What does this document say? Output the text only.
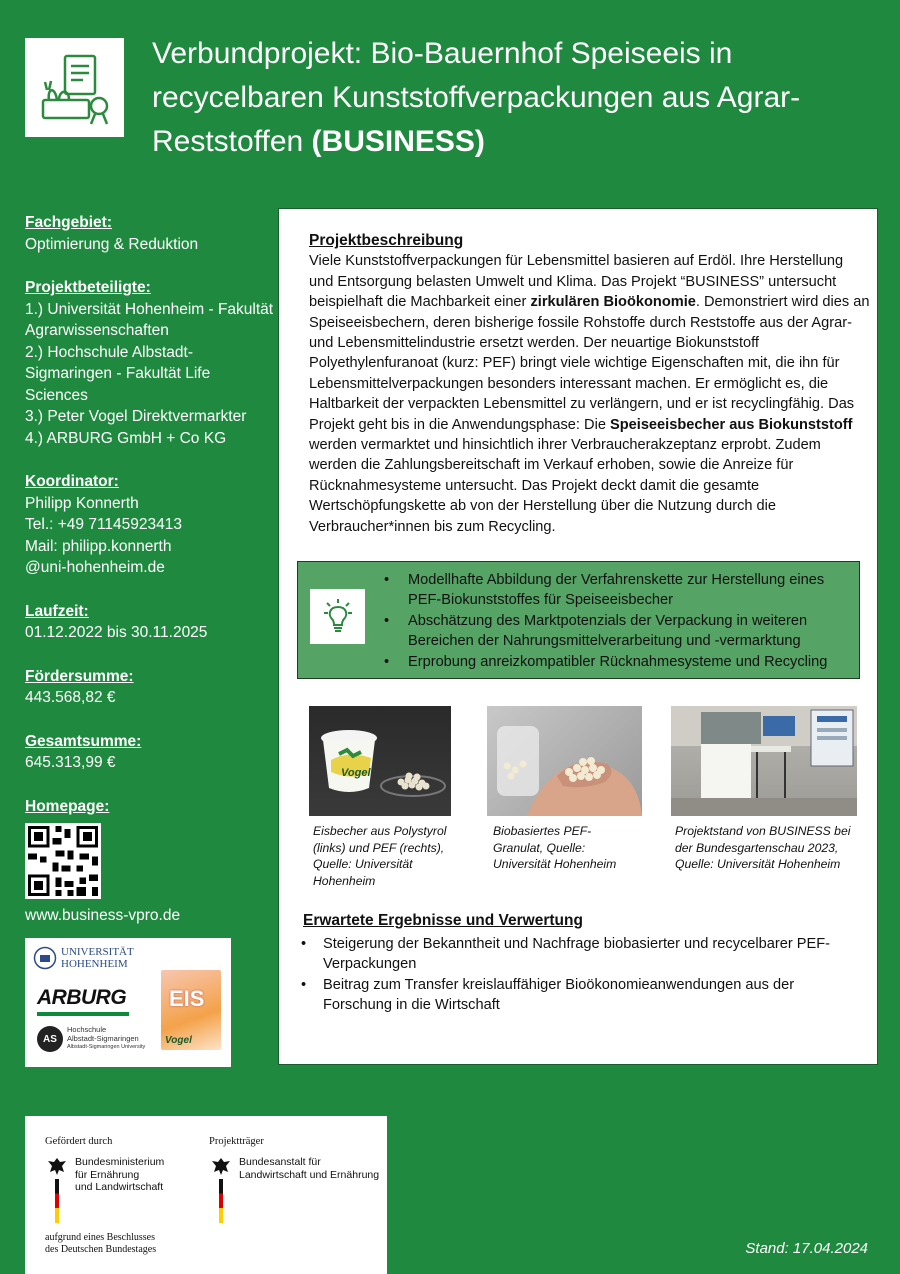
Verbundprojekt: Bio-Bauernhof Speiseeis in recycelbaren Kunststoffverpackungen aus Agrar-Reststoffen (BUSINESS)
Fachgebiet:
Optimierung & Reduktion
Projektbeteiligte:
1.) Universität Hohenheim - Fakultät Agrarwissenschaften
2.) Hochschule Albstadt-Sigmaringen - Fakultät Life Sciences
3.) Peter Vogel Direktvermarkter
4.) ARBURG GmbH + Co KG
Koordinator:
Philipp Konnerth
Tel.: +49 71145923413
Mail: philipp.konnerth
@uni-hohenheim.de
Laufzeit:
01.12.2022 bis 30.11.2025
Fördersumme:
443.568,82 €
Gesamtsumme:
645.313,99 €
Homepage:
www.business-vpro.de
UNIVERSITÄT HOHENHEIM
ARBURG
AS
Hochschule
Albstadt-Sigmaringen
Albstadt-Sigmaringen University
EIS
Vogel
Projektbeschreibung
Viele Kunststoffverpackungen für Lebensmittel basieren auf Erdöl. Ihre Herstellung und Entsorgung belasten Umwelt und Klima. Das Projekt “BUSINESS” untersucht beispielhaft die Machbarkeit einer zirkulären Bioökonomie. Demonstriert wird dies an Speiseeisbechern, deren bisherige fossile Rohstoffe durch Reststoffe aus der Agrar- und Lebensmittelindustrie ersetzt werden. Der neuartige Biokunststoff Polyethylenfuranoat (kurz: PEF) bringt viele wichtige Eigenschaften mit, die ihn für Lebensmittelverpackungen besonders interessant machen. Er ermöglicht es, die Haltbarkeit der verpackten Lebensmittel zu verlängern, und er ist recyclingfähig. Das Projekt geht bis in die Anwendungsphase: Die Speiseeisbecher aus Biokunststoff werden vermarktet und hinsichtlich ihrer Verbraucherakzeptanz erprobt. Zudem werden die Zahlungsbereitschaft im Verkauf erhoben, sowie die Anreize für Rücknahmesysteme untersucht. Das Projekt deckt damit die gesamte Wertschöpfungskette ab von der Herstellung über die Nutzung durch die Verbraucher*innen bis zum Recycling.
• Modellhafte Abbildung der Verfahrenskette zur Herstellung eines PEF-Biokunststoffes für Speiseeisbecher
• Abschätzung des Marktpotenzials der Verpackung in weiteren Bereichen der Nahrungsmittelverarbeitung und -vermarktung
• Erprobung anreizkompatibler Rücknahmesysteme und Recycling
Vogel
Eisbecher aus Polystyrol (links) und PEF (rechts), Quelle: Universität Hohenheim
Biobasiertes PEF-Granulat, Quelle: Universität Hohenheim
Projektstand von BUSINESS bei der Bundesgartenschau 2023, Quelle: Universität Hohenheim
Erwartete Ergebnisse und Verwertung
• Steigerung der Bekanntheit und Nachfrage biobasierter und recycelbarer PEF-Verpackungen
• Beitrag zum Transfer kreislauffähiger Bioökonomieanwendungen aus der Forschung in die Wirtschaft
Gefördert durch	Projektträger
Bundesministerium
für Ernährung
und Landwirtschaft
Bundesanstalt für
Landwirtschaft und Ernährung
aufgrund eines Beschlusses
des Deutschen Bundestages	Stand: 17.04.2024
